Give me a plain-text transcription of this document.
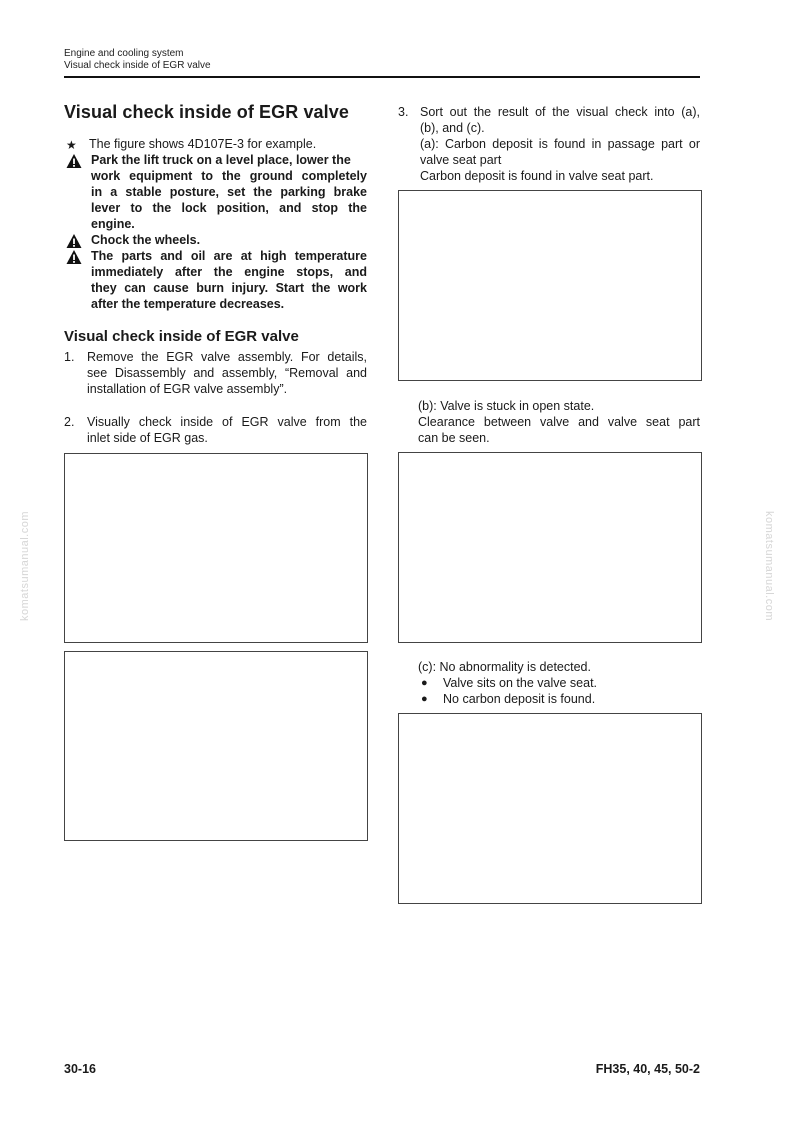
Engine and cooling system
Visual check inside of EGR valve
Visual check inside of EGR valve
★ The figure shows 4D107E-3 for example.
Park the lift truck on a level place, lower the
work equipment to the ground completely
in a stable posture, set the parking brake
lever to the lock position, and stop the
engine.
Chock the wheels.
The parts and oil are at high temperature
immediately after the engine stops, and
they can cause burn injury. Start the work
after the temperature decreases.
Visual check inside of EGR valve
1. Remove the EGR valve assembly. For details,
see Disassembly and assembly, “Removal and
installation of EGR valve assembly”.
2. Visually check inside of EGR valve from the
inlet side of EGR gas.
3. Sort out the result of the visual check into (a),
(b), and (c).
(a): Carbon deposit is found in passage part or
valve seat part
Carbon deposit is found in valve seat part.
(b): Valve is stuck in open state.
Clearance between valve and valve seat part
can be seen.
(c): No abnormality is detected.
● Valve sits on the valve seat.
● No carbon deposit is found.
komatsumanual.com	komatsumanual.com
30-16	FH35, 40, 45, 50-2
